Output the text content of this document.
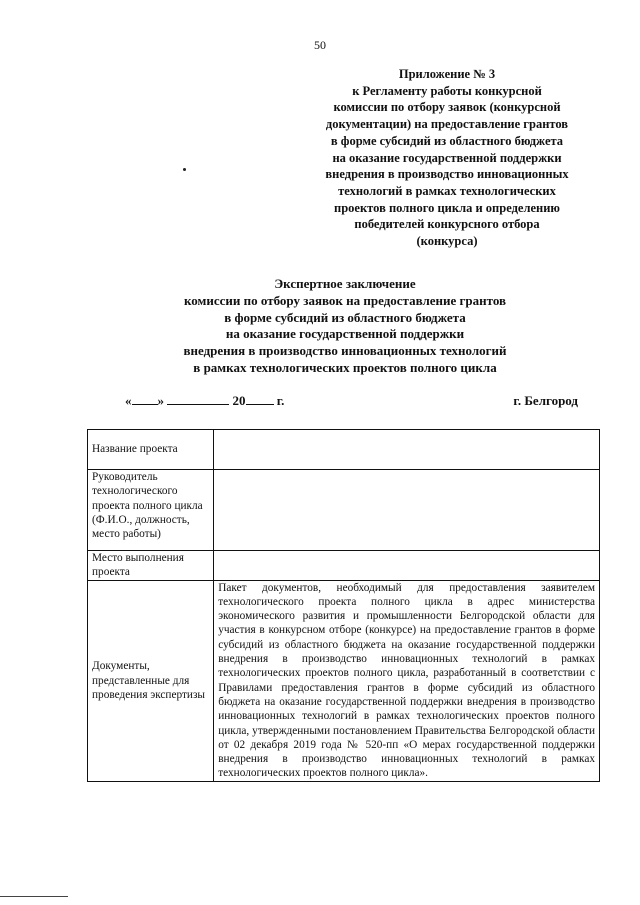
50
Приложение № 3
к Регламенту работы конкурсной
комиссии по отбору заявок (конкурсной
документации) на предоставление грантов
в форме субсидий из областного бюджета
на оказание государственной поддержки
внедрения в производство инновационных
технологий в рамках технологических
проектов полного цикла и определению
победителей конкурсного отбора
(конкурса)
Экспертное заключение
комиссии по отбору заявок на предоставление грантов
в форме субсидий из областного бюджета
на оказание государственной поддержки
внедрения в производство инновационных технологий
в рамках технологических проектов полного цикла
« »	20 г.	г. Белгород
Название проекта	
Руководитель технологического проекта полного цикла (Ф.И.О., должность, место работы)	
Место выполнения проекта	
Документы, представленные для проведения экспертизы	Пакет документов, необходимый для предоставления заявителем технологического проекта полного цикла в адрес министерства экономического развития и промышленности Белгородской области для участия в конкурсном отборе (конкурсе) на предоставление грантов в форме субсидий из областного бюджета на оказание государственной поддержки внедрения в производство инновационных технологий в рамках технологических проектов полного цикла, разработанный в соответствии с Правилами предоставления грантов в форме субсидий из областного бюджета на оказание государственной поддержки внедрения в производство инновационных технологий в рамках технологических проектов полного цикла, утвержденными постановлением Правительства Белгородской области от 02 декабря 2019 года № 520-пп «О мерах государственной поддержки внедрения в производство инновационных технологий в рамках технологических проектов полного цикла».
